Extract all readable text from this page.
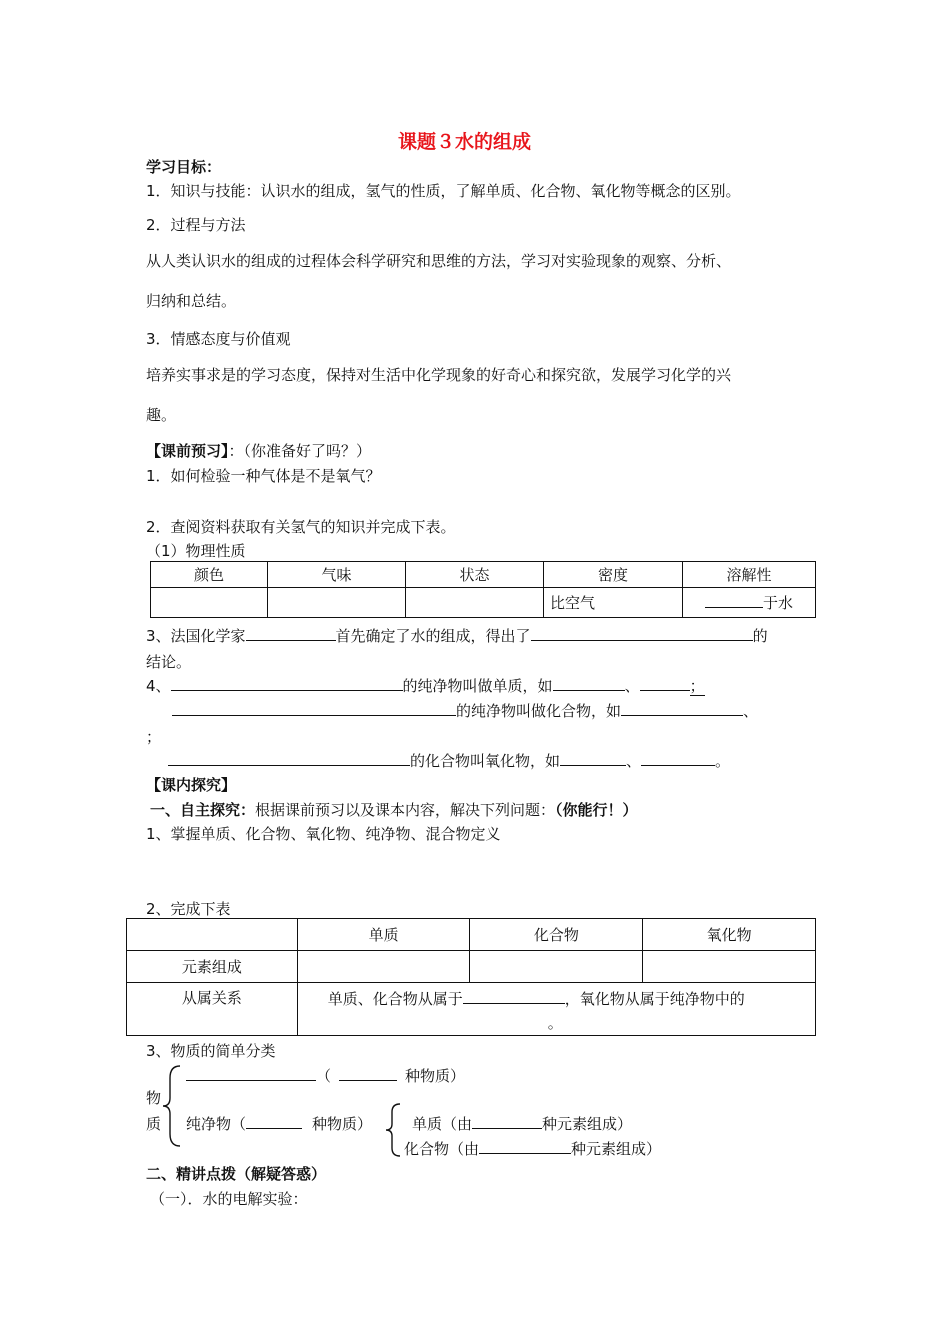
课题３水的组成
学习目标：
1．知识与技能：认识水的组成，氢气的性质，了解单质、化合物、氧化物等概念的区别。
2．过程与方法
从人类认识水的组成的过程体会科学研究和思维的方法，学习对实验现象的观察、分析、
归纳和总结。
3．情感态度与价值观
培养实事求是的学习态度，保持对生活中化学现象的好奇心和探究欲，发展学习化学的兴
趣。
【课前预习】：（你准备好了吗？）
1．如何检验一种气体是不是氧气？
2．查阅资料获取有关氢气的知识并完成下表。
（1）物理性质
颜色	气味	状态	密度	溶解性
			比空气	于水
3、法国化学家	首先确定了水的组成，得出了	的
结论。
4、	的纯净物叫做单质，如	、	；
的纯净物叫做化合物，如	、
；
的化合物叫氧化物，如	、	。
【课内探究】
一、自主探究：根据课前预习以及课本内容，解决下列问题：（你能行！）
1、掌握单质、化合物、氧化物、纯净物、混合物定义
2、完成下表
	单质	化合物	氧化物
元素组成			
从属关系	单质、化合物从属于 ，氧化物从属于纯净物中的
。		
3、物质的简单分类
物
质
（	种物质）
纯净物（	种物质）	单质（由	种元素组成）
化合物（由	种元素组成）
二、精讲点拨（解疑答惑）
（一）．水的电解实验：
